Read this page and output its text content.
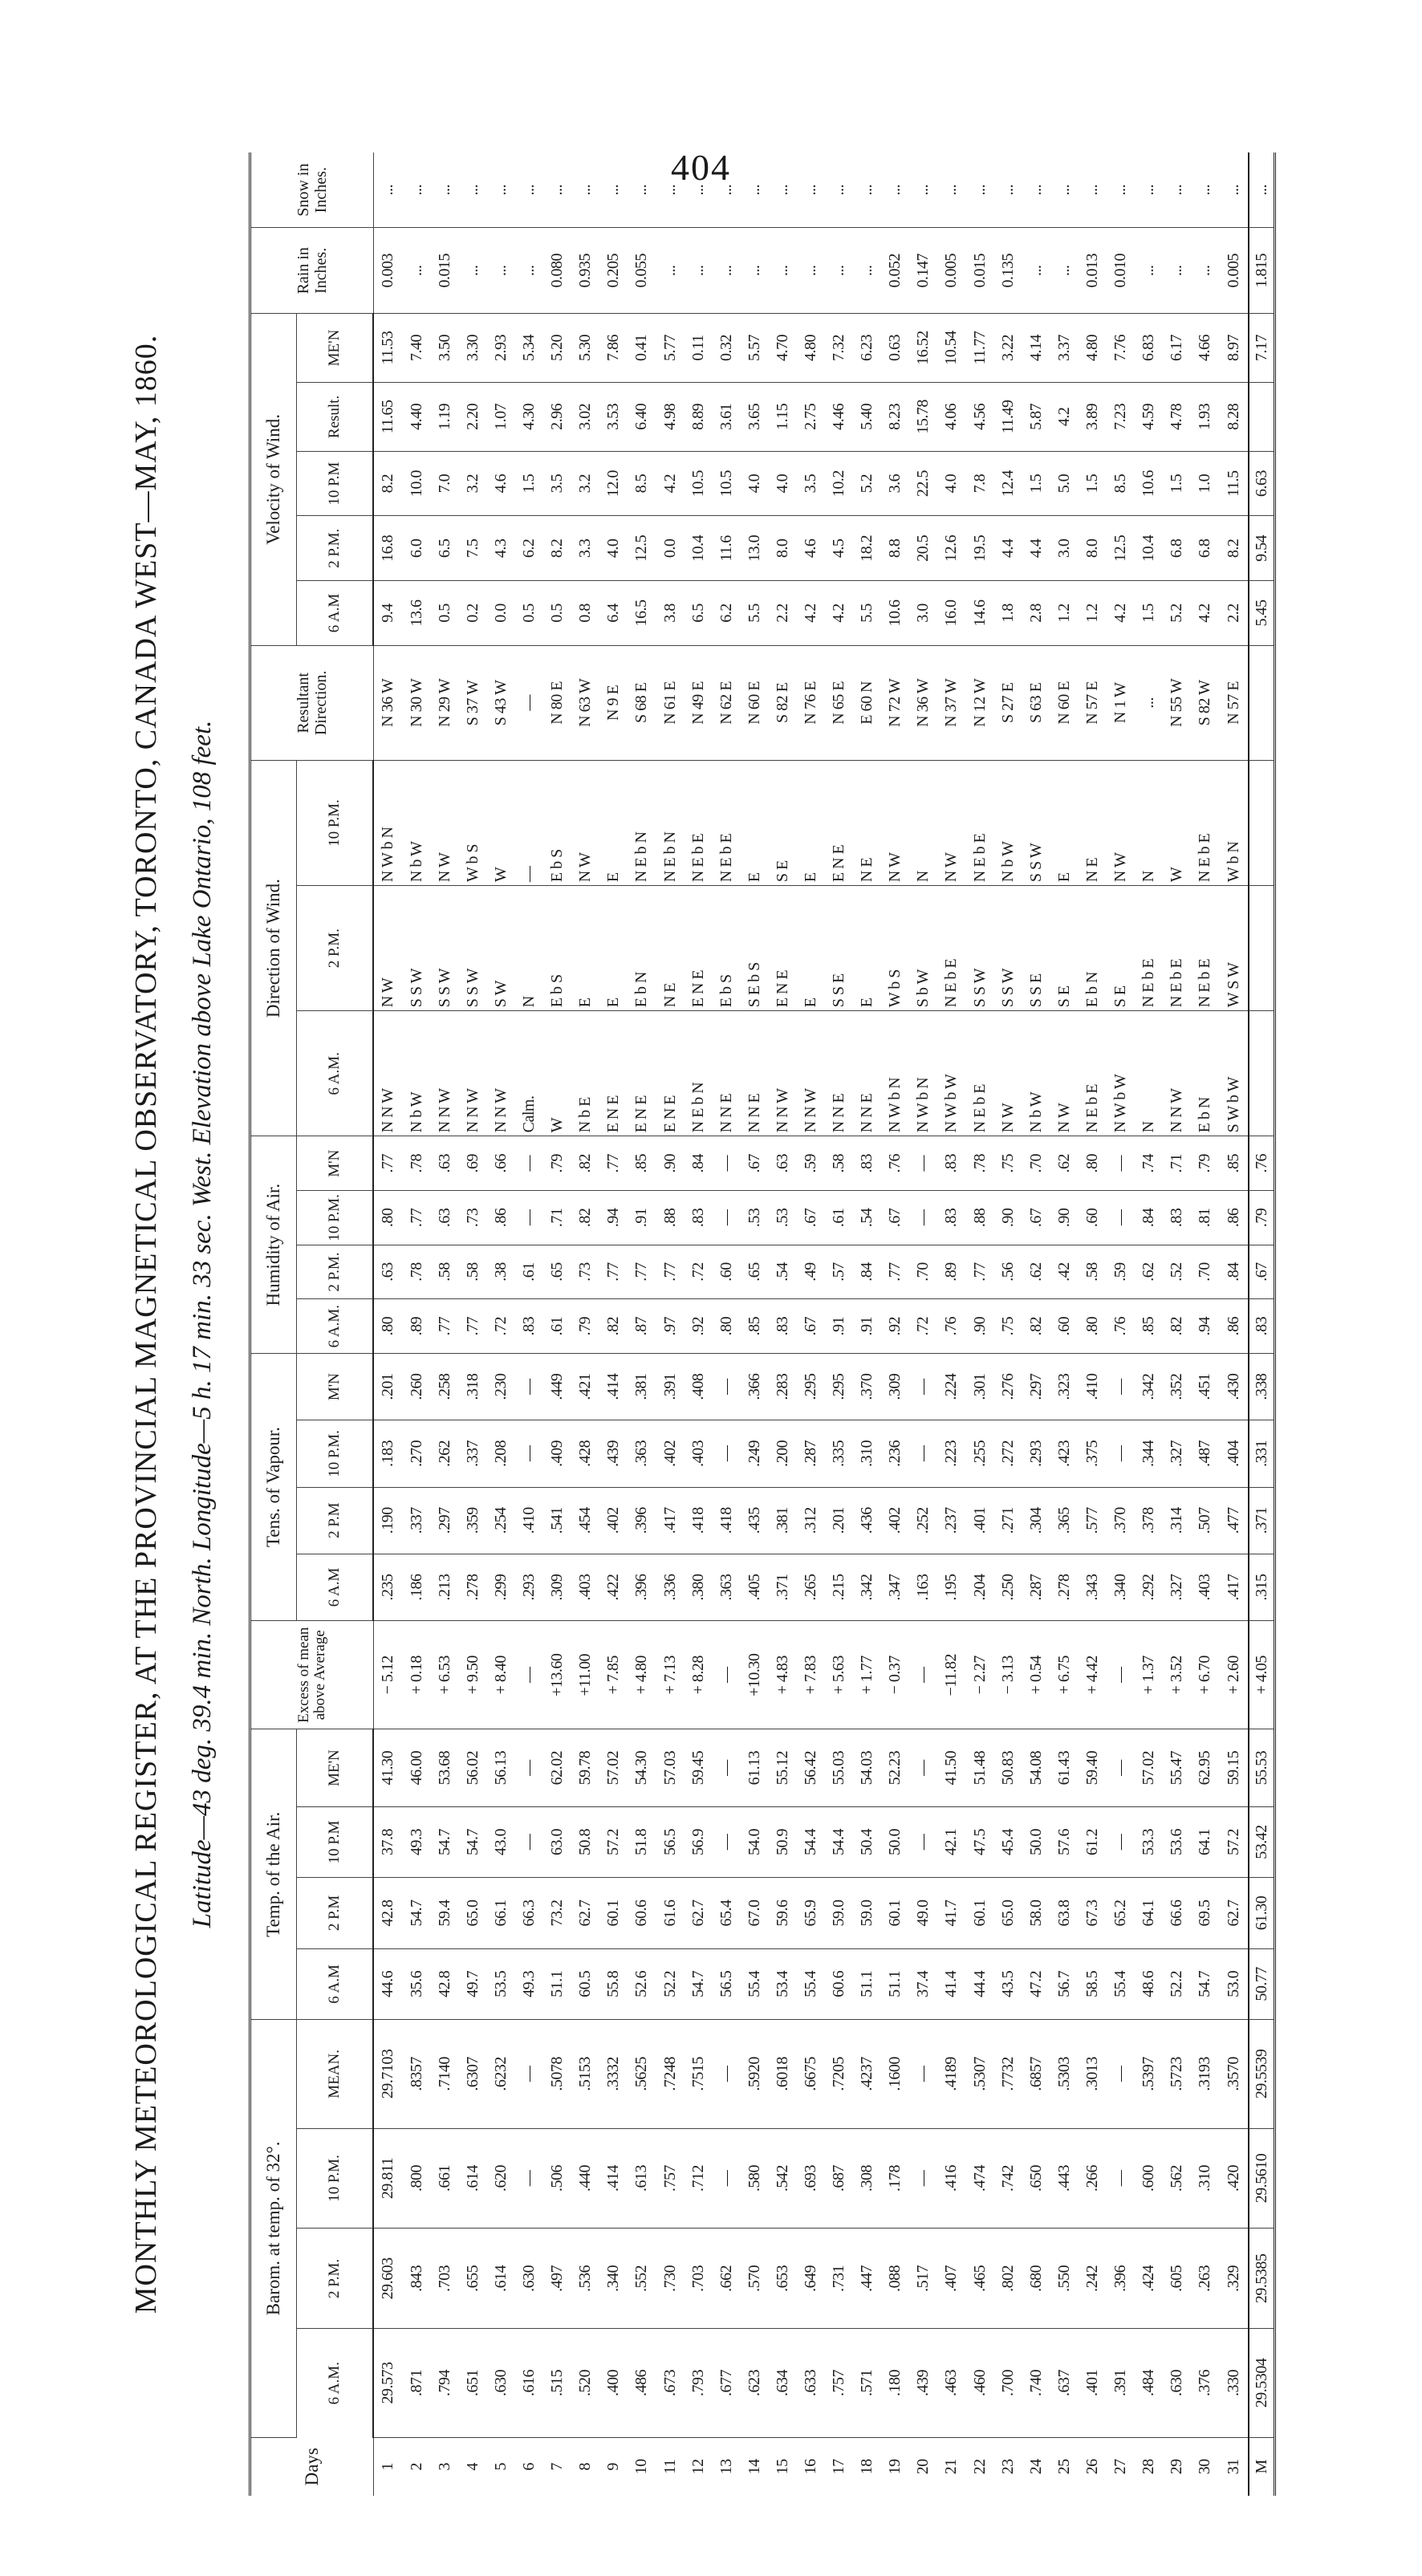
404
MONTHLY METEOROLOGICAL REGISTER, AT THE PROVINCIAL MAGNETICAL OBSERVATORY, TORONTO, CANADA WEST—MAY, 1860. Latitude—43 deg. 39.4 min. North. Longitude—5 h. 17 min. 33 sec. West. Elevation above Lake Ontario, 108 feet.
Days	Barom. at temp. of 32°.				Temp. of the Air.				Excess of mean above Average	Tens. of Vapour.				Humidity of Air.				Direction of Wind.			Resultant Direction.	Velocity of Wind.					Rain in Inches.	Snow in Inches.
	6 A.M.	2 P.M.	10 P.M.	MEAN.	6 A.M	2 P.M	10 P.M	ME'N		6 A.M	2 P.M	10 P.M.	M'N	6 A.M.	2 P.M.	10 P.M.	M'N	6 A.M.	2 P.M.	10 P.M.		6 A.M	2 P.M.	10 P.M	Result.	ME'N		
1	29.573	29.603	29.811	29.7103	44.6	42.8	37.8	41.30	− 5.12	.235	.190	.183	.201	.80	.63	.80	.77	N N W	N W	N W b N	N 36 W	9.4	16.8	8.2	11.65	11.53	0.003	...
2	.871	.843	.800	.8357	35.6	54.7	49.3	46.00	+ 0.18	.186	.337	.270	.260	.89	.78	.77	.78	N b W	S S W	N b W	N 30 W	13.6	6.0	10.0	4.40	7.40	...	...
3	.794	.703	.661	.7140	42.8	59.4	54.7	53.68	+ 6.53	.213	.297	.262	.258	.77	.58	.63	.63	N N W	S S W	N W	N 29 W	0.5	6.5	7.0	1.19	3.50	0.015	...
4	.651	.655	.614	.6307	49.7	65.0	54.7	56.02	+ 9.50	.278	.359	.337	.318	.77	.58	.73	.69	N N W	S S W	W b S	S 37 W	0.2	7.5	3.2	2.20	3.30	...	...
5	.630	.614	.620	.6232	53.5	66.1	43.0	56.13	+ 8.40	.299	.254	.208	.230	.72	.38	.86	.66	N N W	S W	W	S 43 W	0.0	4.3	4.6	1.07	2.93	...	...
6	.616	.630	—	—	49.3	66.3	—	—	—	.293	.410	—	—	.83	.61	—	—	Calm.	N	—	—	0.5	6.2	1.5	4.30	5.34	...	...
7	.515	.497	.506	.5078	51.1	73.2	63.0	62.02	+13.60	.309	.541	.409	.449	.61	.65	.71	.79	W	E b S	E b S	N 80 E	0.5	8.2	3.5	2.96	5.20	0.080	...
8	.520	.536	.440	.5153	60.5	62.7	50.8	59.78	+11.00	.403	.454	.428	.421	.79	.73	.82	.82	N b E	E	N W	N 63 W	0.8	3.3	3.2	3.02	5.30	0.935	...
9	.400	.340	.414	.3332	55.8	60.1	57.2	57.02	+ 7.85	.422	.402	.439	.414	.82	.77	.94	.77	E N E	E	E	N 9 E	6.4	4.0	12.0	3.53	7.86	0.205	...
10	.486	.552	.613	.5625	52.6	60.6	51.8	54.30	+ 4.80	.396	.396	.363	.381	.87	.77	.91	.85	E N E	E b N	N E b N	S 68 E	16.5	12.5	8.5	6.40	0.41	0.055	...
11	.673	.730	.757	.7248	52.2	61.6	56.5	57.03	+ 7.13	.336	.417	.402	.391	.97	.77	.88	.90	E N E	N E	N E b N	N 61 E	3.8	0.0	4.2	4.98	5.77	...	...
12	.793	.703	.712	.7515	54.7	62.7	56.9	59.45	+ 8.28	.380	.418	.403	.408	.92	.72	.83	.84	N E b N	E N E	N E b E	N 49 E	6.5	10.4	10.5	8.89	0.11	...	...
13	.677	.662	—	—	56.5	65.4	—	—	—	.363	.418	—	—	.80	.60	—	—	N N E	E b S	N E b E	N 62 E	6.2	11.6	10.5	3.61	0.32	...	...
14	.623	.570	.580	.5920	55.4	67.0	54.0	61.13	+10.30	.405	.435	.249	.366	.85	.65	.53	.67	N N E	S E b S	E	N 60 E	5.5	13.0	4.0	3.65	5.57	...	...
15	.634	.653	.542	.6018	53.4	59.6	50.9	55.12	+ 4.83	.371	.381	.200	.283	.83	.54	.53	.63	N N W	E N E	S E	S 82 E	2.2	8.0	4.0	1.15	4.70	...	...
16	.633	.649	.693	.6675	55.4	65.9	54.4	56.42	+ 7.83	.265	.312	.287	.295	.67	.49	.67	.59	N N W	E	E	N 76 E	4.2	4.6	3.5	2.75	4.80	...	...
17	.757	.731	.687	.7205	60.6	59.0	54.4	55.03	+ 5.63	.215	.201	.335	.295	.91	.57	.61	.58	N N E	S S E	E N E	N 65 E	4.2	4.5	10.2	4.46	7.32	...	...
18	.571	.447	.308	.4237	51.1	59.0	50.4	54.03	+ 1.77	.342	.436	.310	.370	.91	.84	.54	.83	N N E	E	N E	E 60 N	5.5	18.2	5.2	5.40	6.23	...	...
19	.180	.088	.178	.1600	51.1	60.1	50.0	52.23	− 0.37	.347	.402	.236	.309	.92	.77	.67	.76	N W b N	W b S	N W	N 72 W	10.6	8.8	3.6	8.23	0.63	0.052	...
20	.439	.517	—	—	37.4	49.0	—	—	—	.163	.252	—	—	.72	.70	—	—	N W b N	S b W	N	N 36 W	3.0	20.5	22.5	15.78	16.52	0.147	...
21	.463	.407	.416	.4189	41.4	41.7	42.1	41.50	−11.82	.195	.237	.223	.224	.76	.89	.83	.83	N W b W	N E b E	N W	N 37 W	16.0	12.6	4.0	4.06	10.54	0.005	...
22	.460	.465	.474	.5307	44.4	60.1	47.5	51.48	− 2.27	.204	.401	.255	.301	.90	.77	.88	.78	N E b E	S S W	N E b E	N 12 W	14.6	19.5	7.8	4.56	11.77	0.015	...
23	.700	.802	.742	.7732	43.5	65.0	45.4	50.83	− 3.13	.250	.271	.272	.276	.75	.56	.90	.75	N W	S S W	N b W	S 27 E	1.8	4.4	12.4	11.49	3.22	0.135	...
24	.740	.680	.650	.6857	47.2	58.0	50.0	54.08	+ 0.54	.287	.304	.293	.297	.82	.62	.67	.70	N b W	S S E	S S W	S 63 E	2.8	4.4	1.5	5.87	4.14	...	...
25	.637	.550	.443	.5303	56.7	63.8	57.6	61.43	+ 6.75	.278	.365	.423	.323	.60	.42	.90	.62	N W	S E	E	N 60 E	1.2	3.0	5.0	4.2	3.37	...	...
26	.401	.242	.266	.3013	58.5	67.3	61.2	59.40	+ 4.42	.343	.577	.375	.410	.80	.58	.60	.80	N E b E	E b N	N E	N 57 E	1.2	8.0	1.5	3.89	4.80	0.013	...
27	.391	.396	—	—	55.4	65.2	—	—	—	.340	.370	—	—	.76	.59	—	—	N W b W	S E	N W	N 1 W	4.2	12.5	8.5	7.23	7.76	0.010	...
28	.484	.424	.600	.5397	48.6	64.1	53.3	57.02	+ 1.37	.292	.378	.344	.342	.85	.62	.84	.74	N	N E b E	N	...	1.5	10.4	10.6	4.59	6.83	...	...
29	.630	.605	.562	.5723	52.2	66.6	53.6	55.47	+ 3.52	.327	.314	.327	.352	.82	.52	.83	.71	N N W	N E b E	W	N 55 W	5.2	6.8	1.5	4.78	6.17	...	...
30	.376	.263	.310	.3193	54.7	69.5	64.1	62.95	+ 6.70	.403	.507	.487	.451	.94	.70	.81	.79	E b N	N E b E	N E b E	S 82 W	4.2	6.8	1.0	1.93	4.66	...	...
31	.330	.329	.420	.3570	53.0	62.7	57.2	59.15	+ 2.60	.417	.477	.404	.430	.86	.84	.86	.85	S W b W	W S W	W b N	N 57 E	2.2	8.2	11.5	8.28	8.97	0.005	...
M	29.5304	29.5385	29.5610	29.5539	50.77	61.30	53.42	55.53	+ 4.05	.315	.371	.331	.338	.83	.67	.79	.76					5.45	9.54	6.63		7.17	1.815	...
